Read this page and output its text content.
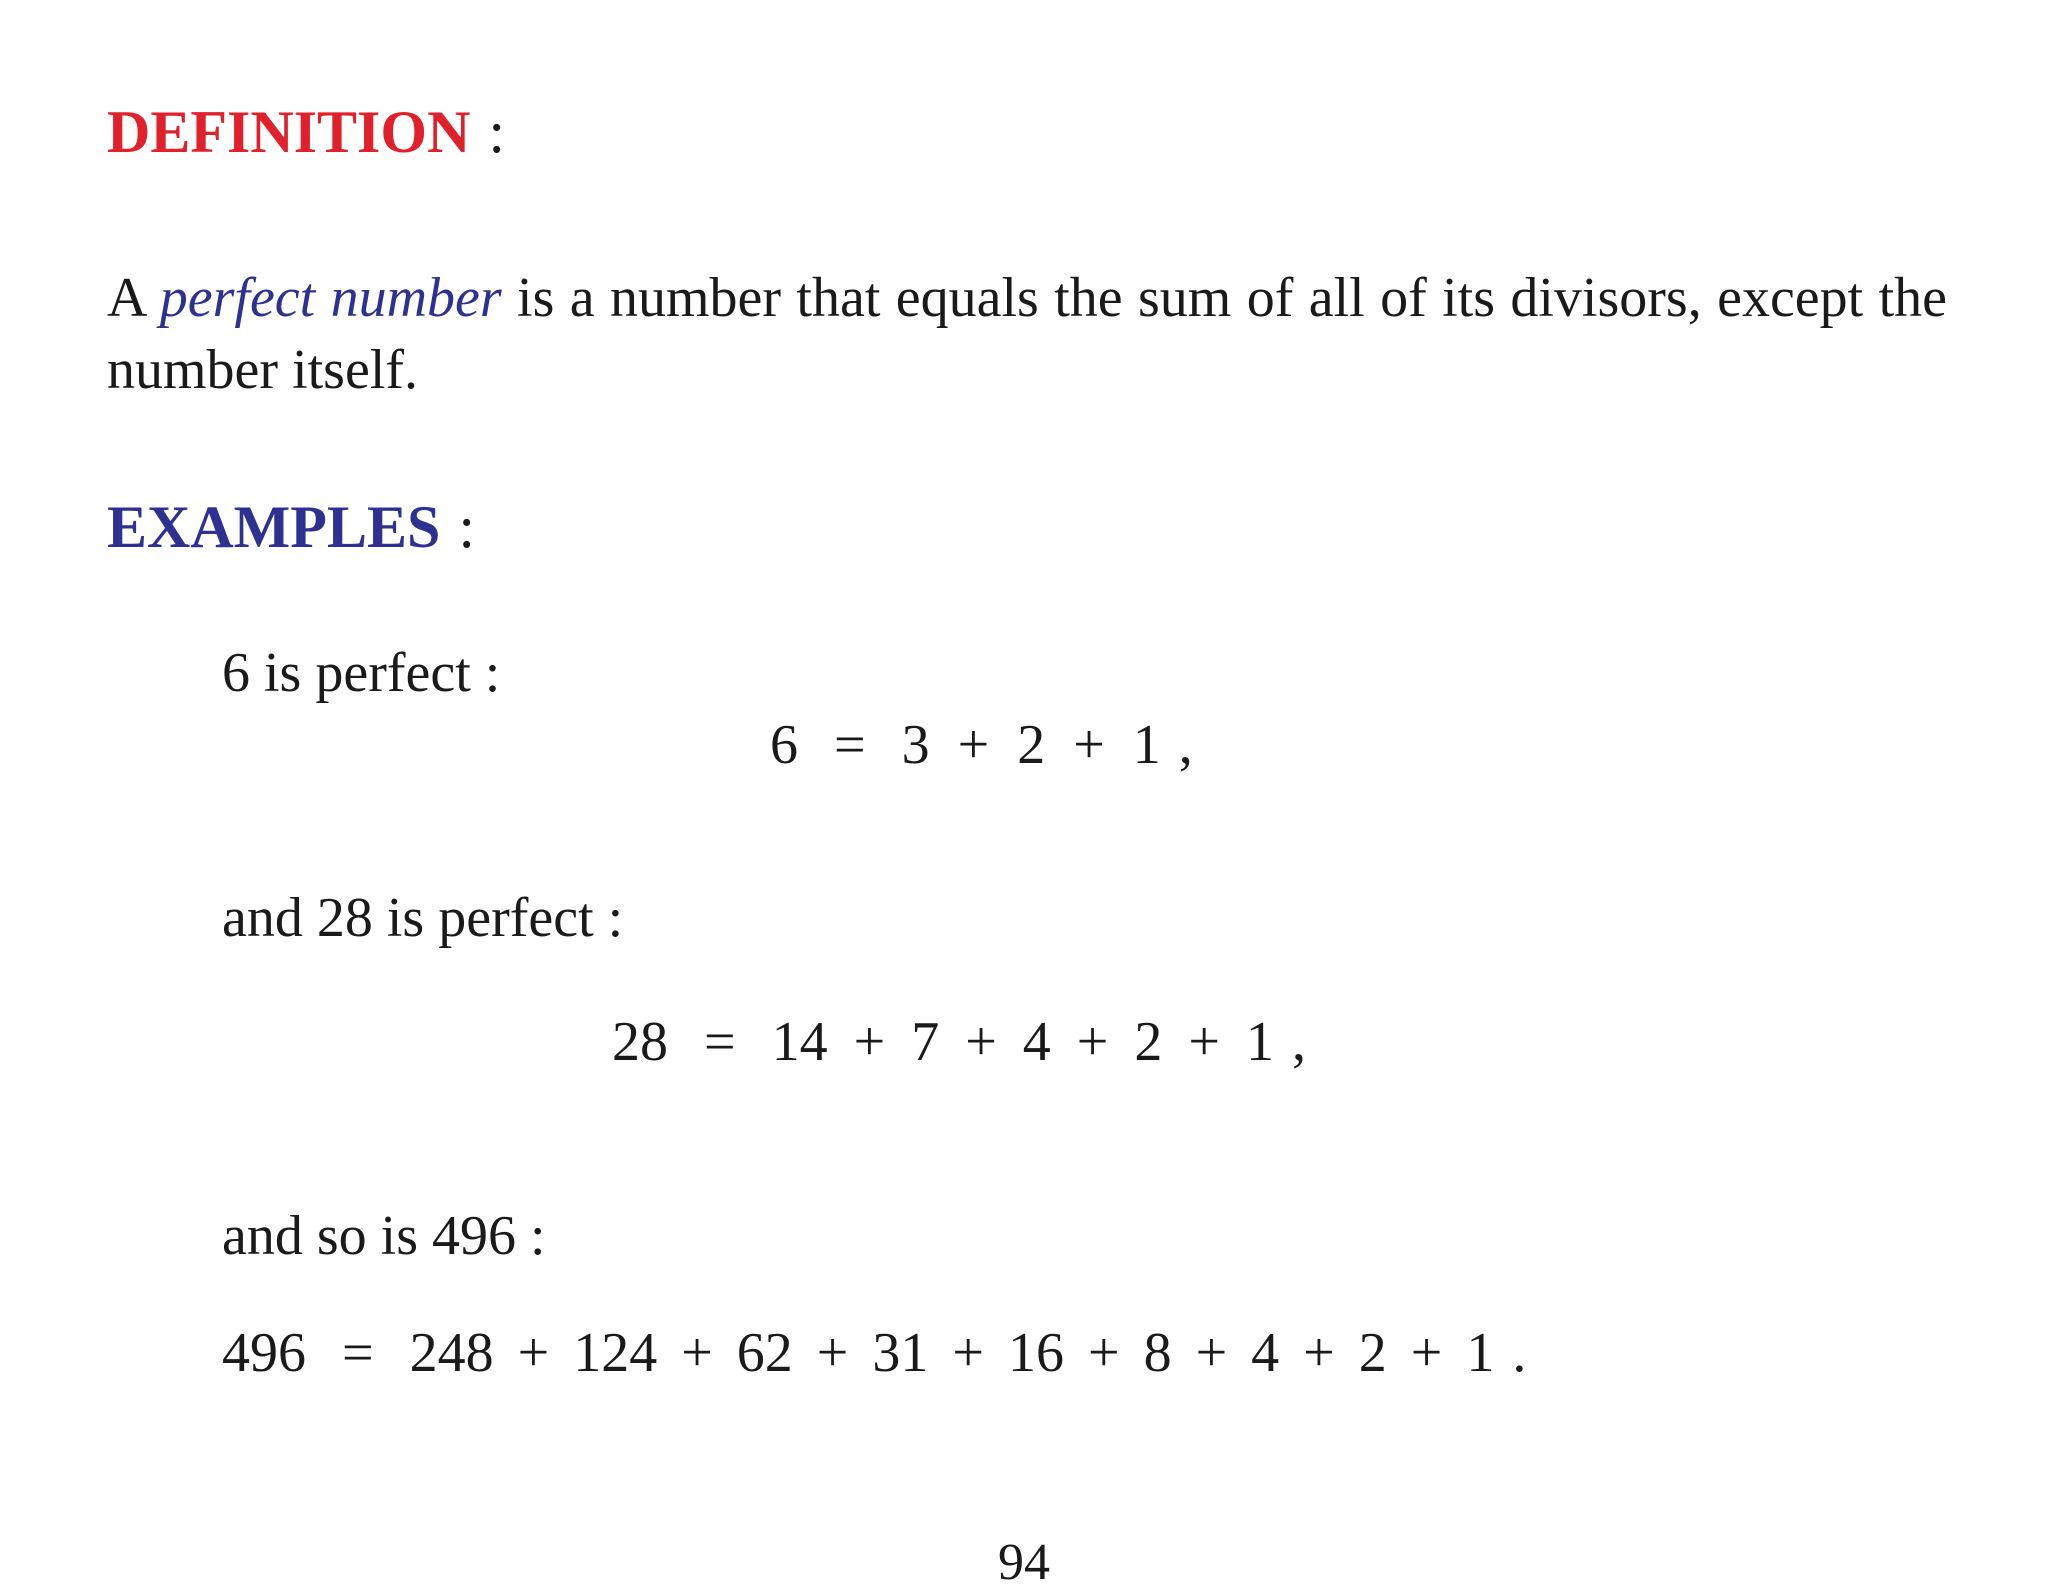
DEFINITION :
A perfect number is a number that equals the sum of all of its divisors, except the number itself.
EXAMPLES :
6 is perfect :
6 = 3 + 2 + 1 ,
and 28 is perfect :
28 = 14 + 7 + 4 + 2 + 1 ,
and so is 496 :
496 = 248 + 124 + 62 + 31 + 16 + 8 + 4 + 2 + 1 .
94
